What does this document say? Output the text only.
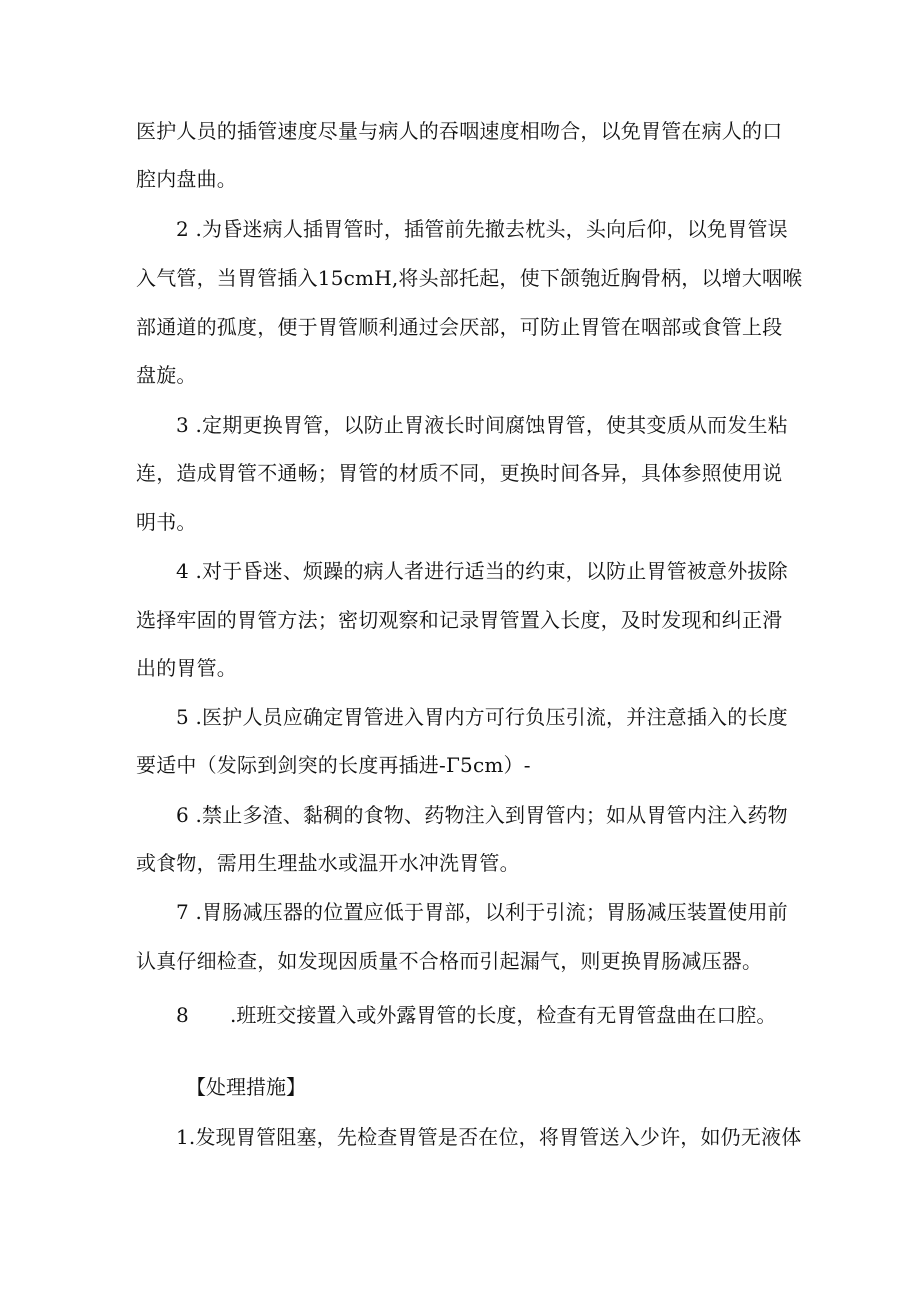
医护人员的插管速度尽量与病人的吞咽速度相吻合，以免胃管在病人的口
腔内盘曲。
2 .为昏迷病人插胃管时，插管前先撤去枕头，头向后仰，以免胃管误
入气管，当胃管插入15cmH,将头部托起，使下颌匏近胸骨柄，以增大咽喉
部通道的孤度，便于胃管顺利通过会厌部，可防止胃管在咽部或食管上段
盘旋。
3 .定期更换胃管，以防止胃液长时间腐蚀胃管，使其变质从而发生粘
连，造成胃管不通畅；胃管的材质不同，更换时间各异，具体参照使用说
明书。
4 .对于昏迷、烦躁的病人者进行适当的约束，以防止胃管被意外拔除
选择牢固的胃管方法；密切观察和记录胃管置入长度，及时发现和纠正滑
出的胃管。
5 .医护人员应确定胃管进入胃内方可行负压引流，并注意插入的长度
要适中（发际到剑突的长度再插进-Γ5cm）-
6 .禁止多渣、黏稠的食物、药物注入到胃管内；如从胃管内注入药物
或食物，需用生理盐水或温开水冲洗胃管。
7 .胃肠减压器的位置应低于胃部，以利于引流；胃肠减压装置使用前
认真仔细检查，如发现因质量不合格而引起漏气，则更换胃肠减压器。
8 .班班交接置入或外露胃管的长度，检查有无胃管盘曲在口腔。
【处理措施】
1.发现胃管阻塞，先检查胃管是否在位，将胃管送入少许，如仍无液体
